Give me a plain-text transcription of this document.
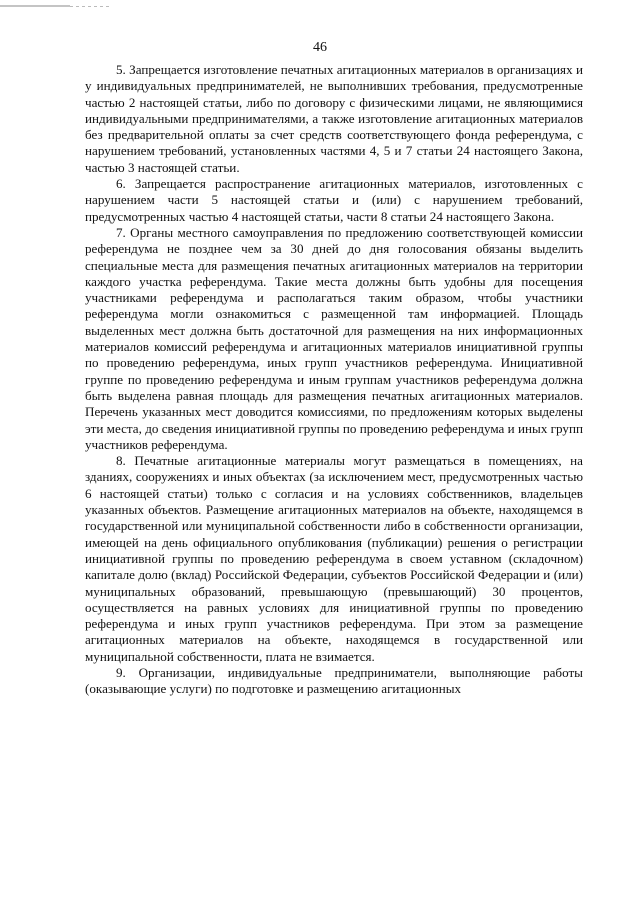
46

5. Запрещается изготовление печатных агитационных материалов в организациях и у индивидуальных предпринимателей, не выполнивших требования, предусмотренные частью 2 настоящей статьи, либо по договору с физическими лицами, не являющимися индивидуальными предпринимателями, а также изготовление агитационных материалов без предварительной оплаты за счет средств соответствующего фонда референдума, с нарушением требований, установленных частями 4, 5 и 7 статьи 24 настоящего Закона, частью 3 настоящей статьи.

6. Запрещается распространение агитационных материалов, изготовленных с нарушением части 5 настоящей статьи и (или) с нарушением требований, предусмотренных частью 4 настоящей статьи, части 8 статьи 24 настоящего Закона.

7. Органы местного самоуправления по предложению соответствующей комиссии референдума не позднее чем за 30 дней до дня голосования обязаны выделить специальные места для размещения печатных агитационных материалов на территории каждого участка референдума. Такие места должны быть удобны для посещения участниками референдума и располагаться таким образом, чтобы участники референдума могли ознакомиться с размещенной там информацией. Площадь выделенных мест должна быть достаточной для размещения на них информационных материалов комиссий референдума и агитационных материалов инициативной группы по проведению референдума, иных групп участников референдума. Инициативной группе по проведению референдума и иным группам участников референдума должна быть выделена равная площадь для размещения печатных агитационных материалов. Перечень указанных мест доводится комиссиями, по предложениям которых выделены эти места, до сведения инициативной группы по проведению референдума и иных групп участников референдума.

8. Печатные агитационные материалы могут размещаться в помещениях, на зданиях, сооружениях и иных объектах (за исключением мест, предусмотренных частью 6 настоящей статьи) только с согласия и на условиях собственников, владельцев указанных объектов. Размещение агитационных материалов на объекте, находящемся в государственной или муниципальной собственности либо в собственности организации, имеющей на день официального опубликования (публикации) решения о регистрации инициативной группы по проведению референдума в своем уставном (складочном) капитале долю (вклад) Российской Федерации, субъектов Российской Федерации и (или) муниципальных образований, превышающую (превышающий) 30 процентов, осуществляется на равных условиях для инициативной группы по проведению референдума и иных групп участников референдума. При этом за размещение агитационных материалов на объекте, находящемся в государственной или муниципальной собственности, плата не взимается.

9. Организации, индивидуальные предприниматели, выполняющие работы (оказывающие услуги) по подготовке и размещению агитационных
